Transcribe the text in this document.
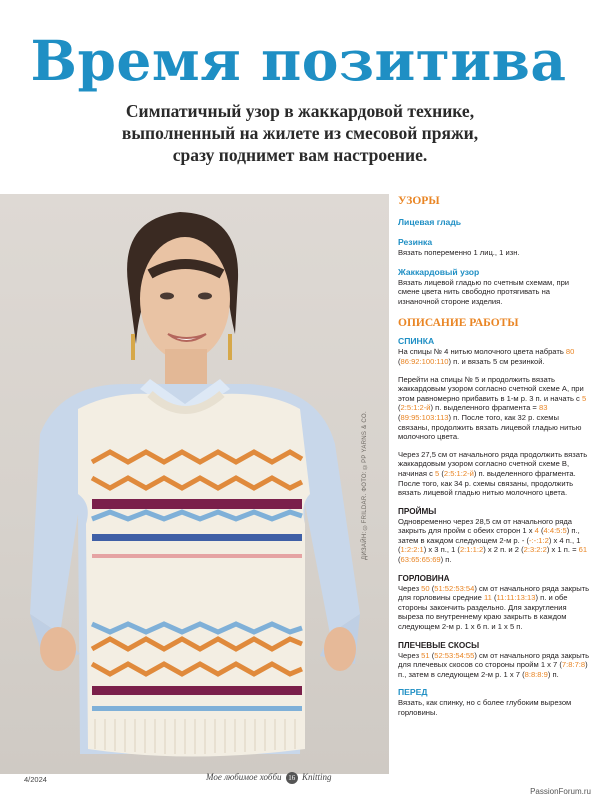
Время позитива
Симпатичный узор в жаккардовой технике,
выполненный на жилете из смесовой пряжи,
сразу поднимет вам настроение.
ДИЗАЙН: ©FRILDAR. ФОТО: ©PP YARNS & CO.
УЗОРЫ
Лицевая гладь
Резинка
Вязать попеременно 1 лиц., 1 изн.
Жаккардовый узор
Вязать лицевой гладью по счетным схемам, при смене цвета нить свободно протягивать на изнаночной стороне изделия.
ОПИСАНИЕ РАБОТЫ
СПИНКА
На спицы № 4 нитью молочного цвета набрать 80 (86:92:100:110) п. и вязать 5 см резинкой.
Перейти на спицы № 5 и продолжить вязать жаккардовым узором согласно счетной схеме А, при этом равномерно прибавить в 1-м р. 3 п. и начать с 5 (2:5:1:2-й) п. выделенного фрагмента = 83 (89:95:103:113) п. После того, как 32 р. схемы связаны, продолжить вязать лицевой гладью нитью молочного цвета.
Через 27,5 см от начального ряда продолжить вязать жаккардовым узором согласно счетной схеме В, начиная с 5 (2:5:1:2-й) п. выделенного фрагмента. После того, как 34 р. схемы связаны, продолжить вязать лицевой гладью нитью молочного цвета.
ПРОЙМЫ
Одновременно через 28,5 см от начального ряда закрыть для пройм с обеих сторон 1 х 4 (4:4:5:5) п., затем в каждом следующем 2-м р. - (-:-:1:2) х 4 п., 1 (1:2:2:1) х 3 п., 1 (2:1:1:2) х 2 п. и 2 (2:3:2:2) х 1 п. = 61 (63:65:65:69) п.
ГОРЛОВИНА
Через 50 (51:52:53:54) см от начального ряда закрыть для горловины средние 11 (11:11:13:13) п. и обе стороны закончить раздельно. Для закругления выреза по внутреннему краю закрыть в каждом следующем 2-м р. 1 х 6 п. и 1 х 5 п.
ПЛЕЧЕВЫЕ СКОСЫ
Через 51 (52:53:54:55) см от начального ряда закрыть для плечевых скосов со стороны пройм 1 х 7 (7:8:7:8) п., затем в следующем 2-м р. 1 х 7 (8:8:8:9) п.
ПЕРЕД
Вязать, как спинку, но с более глубоким вырезом горловины.
4/2024	Мое любимое хобби 16 Knitting
PassionForum.ru
